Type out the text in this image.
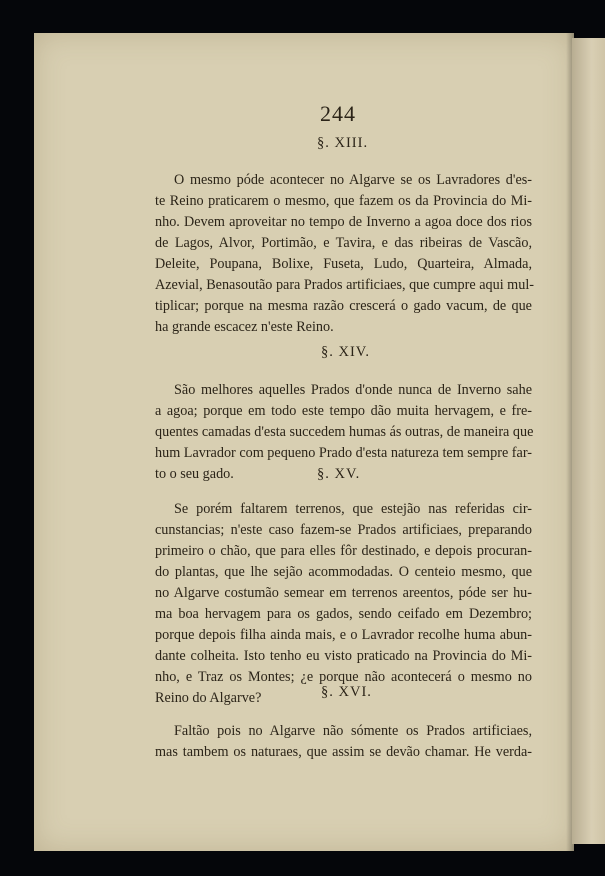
244
§. XIII.
O mesmo póde acontecer no Algarve se os Lavradores d'es-
te Reino praticarem o mesmo, que fazem os da Provincia do Mi-
nho. Devem aproveitar no tempo de Inverno a agoa doce dos rios
de Lagos, Alvor, Portimão, e Tavira, e das ribeiras de Vascão,
Deleite, Poupana, Bolixe, Fuseta, Ludo, Quarteira, Almada,
Azevial, Benasoutão para Prados artificiaes, que cumpre aqui mul-
tiplicar; porque na mesma razão crescerá o gado vacum, de que
ha grande escacez n'este Reino.
§. XIV.
São melhores aquelles Prados d'onde nunca de Inverno sahe
a agoa; porque em todo este tempo dão muita hervagem, e fre-
quentes camadas d'esta succedem humas ás outras, de maneira que
hum Lavrador com pequeno Prado d'esta natureza tem sempre far-
to o seu gado.	§. XV.
Se porém faltarem terrenos, que estejão nas referidas cir-
cunstancias; n'este caso fazem-se Prados artificiaes, preparando
primeiro o chão, que para elles fôr destinado, e depois procuran-
do plantas, que lhe sejão acommodadas. O centeio mesmo, que
no Algarve costumão semear em terrenos areentos, póde ser hu-
ma boa hervagem para os gados, sendo ceifado em Dezembro;
porque depois filha ainda mais, e o Lavrador recolhe huma abun-
dante colheita. Isto tenho eu visto praticado na Provincia do Mi-
nho, e Traz os Montes; ¿e porque não acontecerá o mesmo no
Reino do Algarve?	§. XVI.
Faltão pois no Algarve não sómente os Prados artificiaes,
mas tambem os naturaes, que assim se devão chamar. He verda-
